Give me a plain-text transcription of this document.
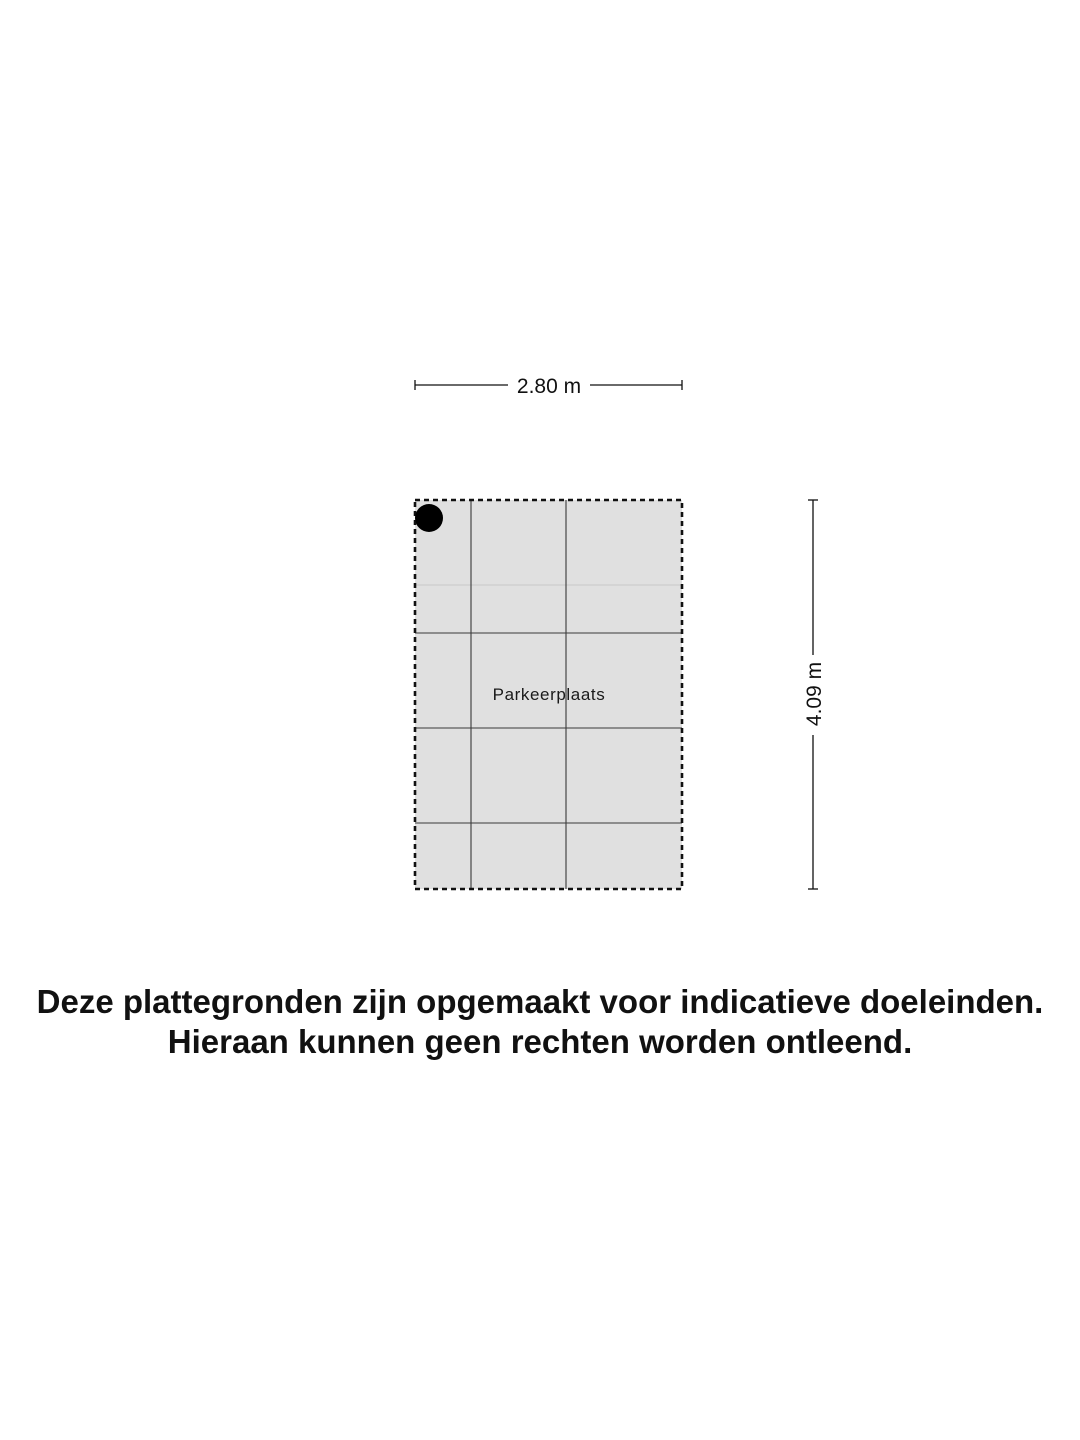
2.80 m
Parkeerplaats	4.09 m
Deze plattegronden zijn opgemaakt voor indicatieve doeleinden.
Hieraan kunnen geen rechten worden ontleend.
